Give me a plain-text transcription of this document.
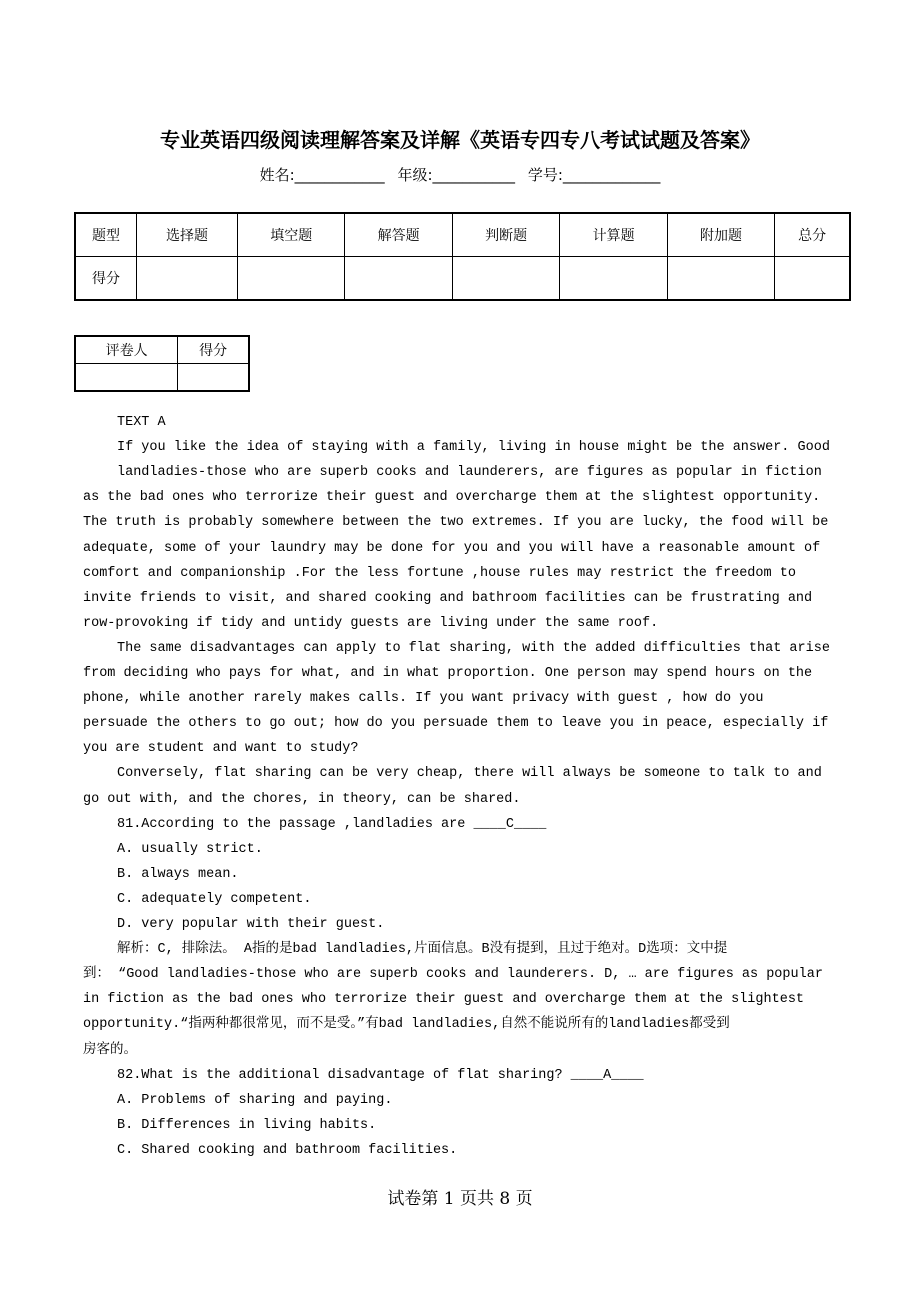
专业英语四级阅读理解答案及详解《英语专四专八考试试题及答案》
姓名:____________ 年级:___________ 学号:_____________
题型	选择题	填空题	解答题	判断题	计算题	附加题	总分
得分							
评卷人	得分

TEXT A
If you like the idea of staying with a family, living in house might be the answer. Good
landladies-those who are superb cooks and launderers, are figures as popular in fiction
as the bad ones who terrorize their guest and overcharge them at the slightest opportunity.
The truth is probably somewhere between the two extremes. If you are lucky, the food will be
adequate, some of your laundry may be done for you and you will have a reasonable amount of
comfort and companionship .For the less fortune ,house rules may restrict the freedom to
invite friends to visit, and shared cooking and bathroom facilities can be frustrating and
row-provoking if tidy and untidy guests are living under the same roof.
The same disadvantages can apply to flat sharing, with the added difficulties that arise
from deciding who pays for what, and in what proportion. One person may spend hours on the
phone, while another rarely makes calls. If you want privacy with guest , how do you
persuade the others to go out; how do you persuade them to leave you in peace, especially if
you are student and want to study?
Conversely, flat sharing can be very cheap, there will always be someone to talk to and
go out with, and the chores, in theory, can be shared.
81.According to the passage ,landladies are ____C____
A. usually strict.
B. always mean.
C. adequately competent.
D. very popular with their guest.
解析：C, 排除法。 A指的是bad landladies,片面信息。B没有提到，且过于绝对。D选项：文中提
到： “Good landladies-those who are superb cooks and launderers. D, … are figures as popular
in fiction as the bad ones who terrorize their guest and overcharge them at the slightest
opportunity.“指两种都很常见，而不是受。”有bad landladies,自然不能说所有的landladies都受到
房客的。
82.What is the additional disadvantage of flat sharing? ____A____
A. Problems of sharing and paying.
B. Differences in living habits.
C. Shared cooking and bathroom facilities.
试卷第 1 页共 8 页
